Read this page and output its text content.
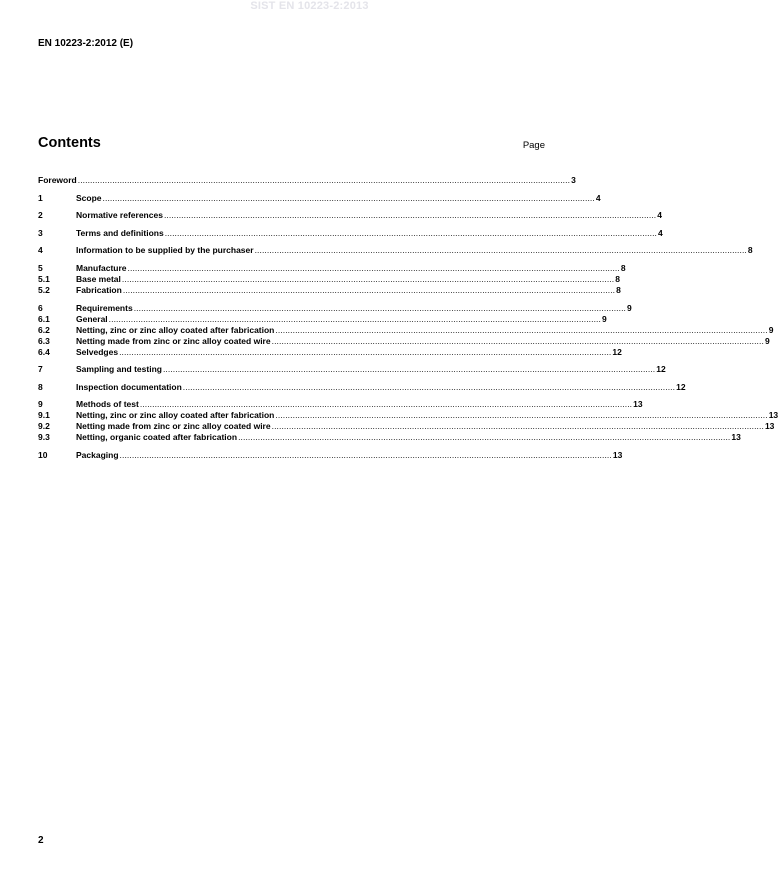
SIST EN 10223-2:2013
EN 10223-2:2012 (E)
Contents	Page
Foreword ........................................................................................................................................................................................................ 3
1	Scope ........................................................................................................................................................................................................ 4
2	Normative references ........................................................................................................................................................................................................ 4
3	Terms and definitions ........................................................................................................................................................................................................ 4
4	Information to be supplied by the purchaser ........................................................................................................................................................................................................ 8
5	Manufacture ........................................................................................................................................................................................................ 8
5.1	Base metal ........................................................................................................................................................................................................ 8
5.2	Fabrication ........................................................................................................................................................................................................ 8
6	Requirements ........................................................................................................................................................................................................ 9
6.1	General ........................................................................................................................................................................................................ 9
6.2	Netting, zinc or zinc alloy coated after fabrication ........................................................................................................................................................................................................ 9
6.3	Netting made from zinc or zinc alloy coated wire ........................................................................................................................................................................................................ 9
6.4	Selvedges ........................................................................................................................................................................................................ 12
7	Sampling and testing ........................................................................................................................................................................................................ 12
8	Inspection documentation ........................................................................................................................................................................................................ 12
9	Methods of test ........................................................................................................................................................................................................ 13
9.1	Netting, zinc or zinc alloy coated after fabrication ........................................................................................................................................................................................................ 13
9.2	Netting made from zinc or zinc alloy coated wire ........................................................................................................................................................................................................ 13
9.3	Netting, organic coated after fabrication ........................................................................................................................................................................................................ 13
10	Packaging ........................................................................................................................................................................................................ 13
2
